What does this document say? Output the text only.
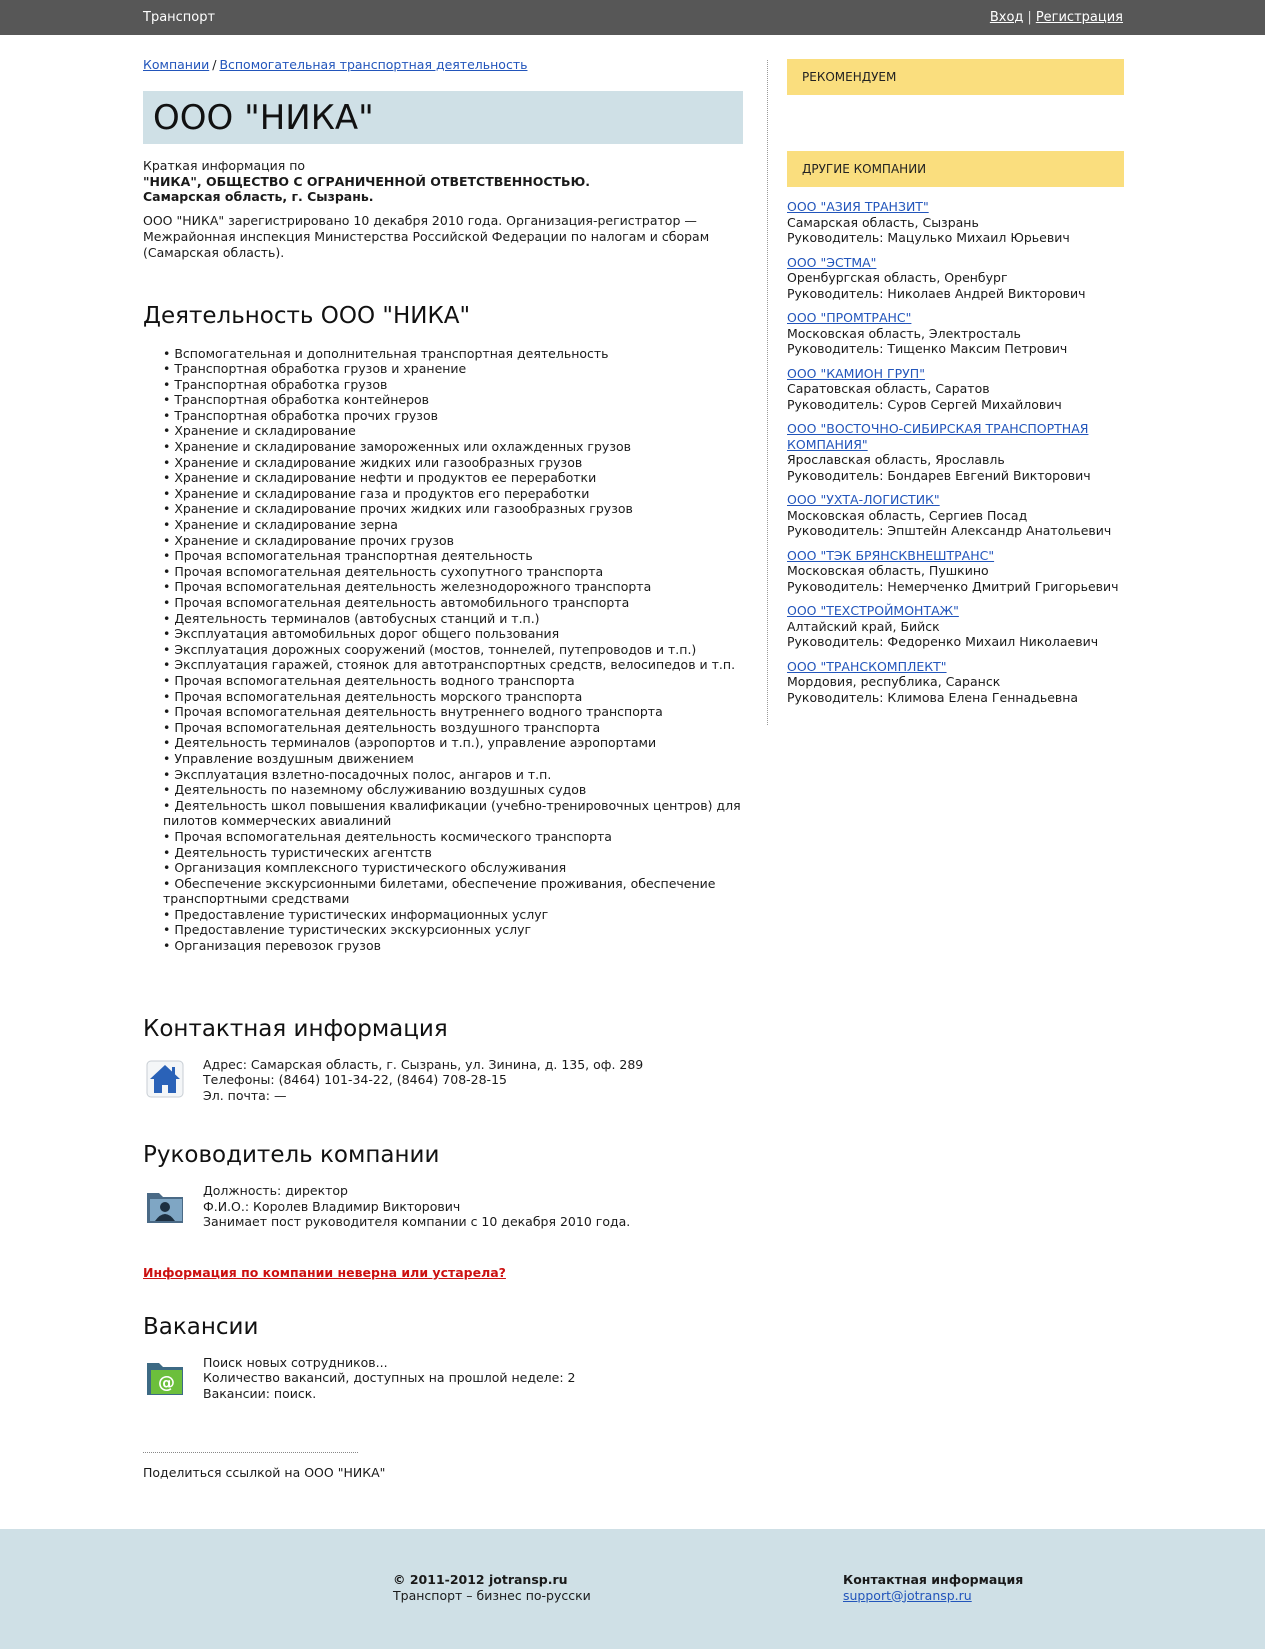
Транспорт	Вход | Регистрация
Компании / Вспомогательная транспортная деятельность
ООО "НИКА"
Краткая информация по
"НИКА", ОБЩЕСТВО С ОГРАНИЧЕННОЙ ОТВЕТСТВЕННОСТЬЮ.
Самарская область, г. Сызрань.
ООО "НИКА" зарегистрировано 10 декабря 2010 года. Организация-регистратор — Межрайонная инспекция Министерства Российской Федерации по налогам и сборам (Самарская область).
Деятельность ООО "НИКА"
• Вспомогательная и дополнительная транспортная деятельность
• Транспортная обработка грузов и хранение
• Транспортная обработка грузов
• Транспортная обработка контейнеров
• Транспортная обработка прочих грузов
• Хранение и складирование
• Хранение и складирование замороженных или охлажденных грузов
• Хранение и складирование жидких или газообразных грузов
• Хранение и складирование нефти и продуктов ее переработки
• Хранение и складирование газа и продуктов его переработки
• Хранение и складирование прочих жидких или газообразных грузов
• Хранение и складирование зерна
• Хранение и складирование прочих грузов
• Прочая вспомогательная транспортная деятельность
• Прочая вспомогательная деятельность сухопутного транспорта
• Прочая вспомогательная деятельность железнодорожного транспорта
• Прочая вспомогательная деятельность автомобильного транспорта
• Деятельность терминалов (автобусных станций и т.п.)
• Эксплуатация автомобильных дорог общего пользования
• Эксплуатация дорожных сооружений (мостов, тоннелей, путепроводов и т.п.)
• Эксплуатация гаражей, стоянок для автотранспортных средств, велосипедов и т.п.
• Прочая вспомогательная деятельность водного транспорта
• Прочая вспомогательная деятельность морского транспорта
• Прочая вспомогательная деятельность внутреннего водного транспорта
• Прочая вспомогательная деятельность воздушного транспорта
• Деятельность терминалов (аэропортов и т.п.), управление аэропортами
• Управление воздушным движением
• Эксплуатация взлетно-посадочных полос, ангаров и т.п.
• Деятельность по наземному обслуживанию воздушных судов
• Деятельность школ повышения квалификации (учебно-тренировочных центров) для пилотов коммерческих авиалиний
• Прочая вспомогательная деятельность космического транспорта
• Деятельность туристических агентств
• Организация комплексного туристического обслуживания
• Обеспечение экскурсионными билетами, обеспечение проживания, обеспечение транспортными средствами
• Предоставление туристических информационных услуг
• Предоставление туристических экскурсионных услуг
• Организация перевозок грузов
Контактная информация
Адрес: Самарская область, г. Сызрань, ул. Зинина, д. 135, оф. 289
Телефоны: (8464) 101-34-22, (8464) 708-28-15
Эл. почта: —
Руководитель компании
Должность: директор
Ф.И.О.: Королев Владимир Викторович
Занимает пост руководителя компании с 10 декабря 2010 года.
Информация по компании неверна или устарела?
Вакансии
@
Поиск новых сотрудников...
Количество вакансий, доступных на прошлой неделе: 2
Вакансии: поиск.
Поделиться ссылкой на ООО "НИКА"
РЕКОМЕНДУЕМ
ДРУГИЕ КОМПАНИИ
ООО "АЗИЯ ТРАНЗИТ"
Самарская область, Сызрань
Руководитель: Мацулько Михаил Юрьевич
ООО "ЭСТМА"
Оренбургская область, Оренбург
Руководитель: Николаев Андрей Викторович
ООО "ПРОМТРАНС"
Московская область, Электросталь
Руководитель: Тищенко Максим Петрович
ООО "КАМИОН ГРУП"
Саратовская область, Саратов
Руководитель: Суров Сергей Михайлович
ООО "ВОСТОЧНО-СИБИРСКАЯ ТРАНСПОРТНАЯ КОМПАНИЯ"
Ярославская область, Ярославль
Руководитель: Бондарев Евгений Викторович
ООО "УХТА-ЛОГИСТИК"
Московская область, Сергиев Посад
Руководитель: Эпштейн Александр Анатольевич
ООО "ТЭК БРЯНСКВНЕШТРАНС"
Московская область, Пушкино
Руководитель: Немерченко Дмитрий Григорьевич
ООО "ТЕХСТРОЙМОНТАЖ"
Алтайский край, Бийск
Руководитель: Федоренко Михаил Николаевич
ООО "ТРАНСКОМПЛЕКТ"
Мордовия, республика, Саранск
Руководитель: Климова Елена Геннадьевна
© 2011-2012 jotransp.ru
Транспорт – бизнес по-русски
Контактная информация
support@jotransp.ru
